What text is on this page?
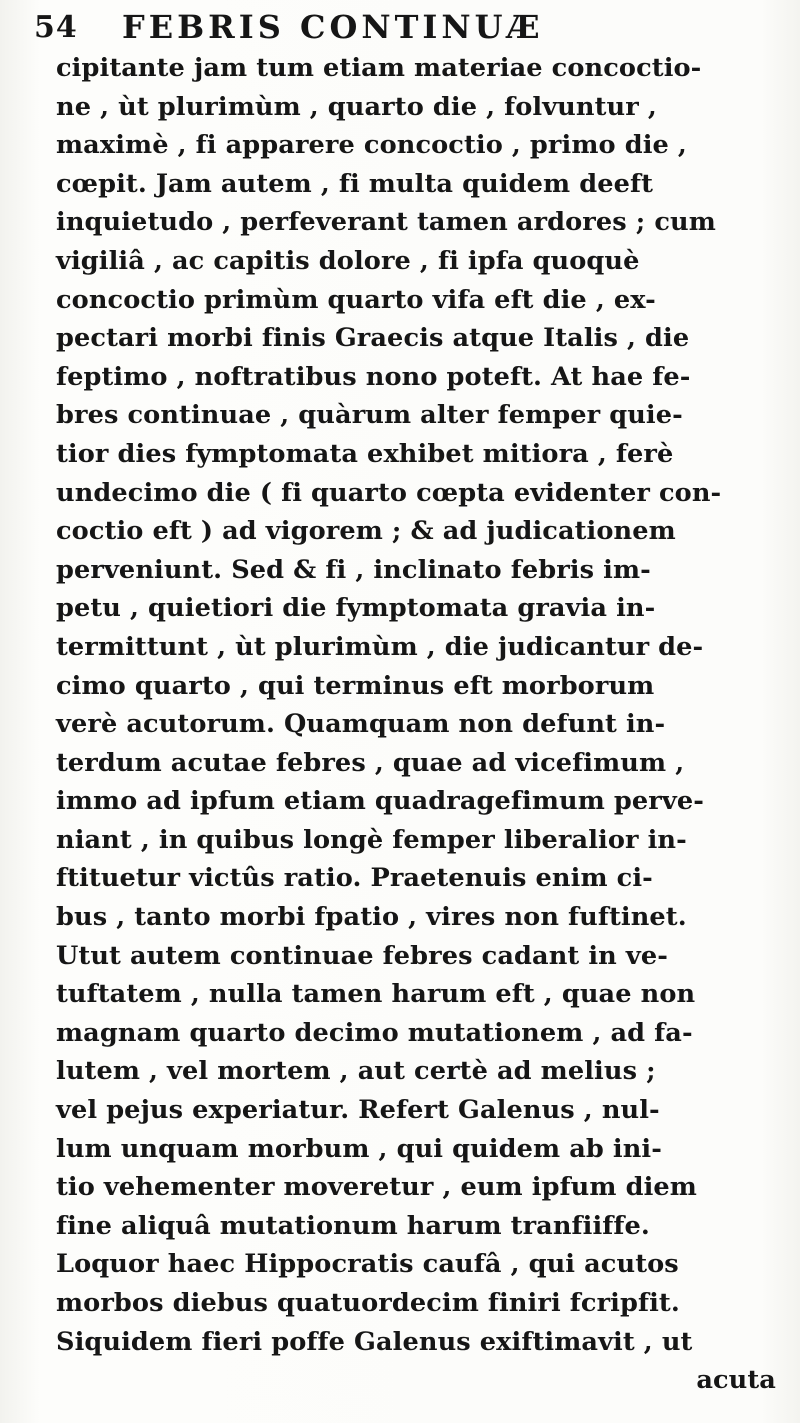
54 FEBRIS CONTINUÆ
cipitante jam tum etiam materiae concoctio-
ne , ùt plurimùm , quarto die , folvuntur ,
maximè , fi apparere concoctio , primo die ,
cœpit. Jam autem , fi multa quidem deeft
inquietudo , perfeverant tamen ardores ; cum
vigiliâ , ac capitis dolore , fi ipfa quoquè
concoctio primùm quarto vifa eft die , ex-
pectari morbi finis Graecis atque Italis , die
feptimo , noftratibus nono poteft. At hae fe-
bres continuae , quàrum alter femper quie-
tior dies fymptomata exhibet mitiora , ferè
undecimo die ( fi quarto cœpta evidenter con-
coctio eft ) ad vigorem ; & ad judicationem
perveniunt. Sed & fi , inclinato febris im-
petu , quietiori die fymptomata gravia in-
termittunt , ùt plurimùm , die judicantur de-
cimo quarto , qui terminus eft morborum
verè acutorum. Quamquam non defunt in-
terdum acutae febres , quae ad vicefimum ,
immo ad ipfum etiam quadragefimum perve-
niant , in quibus longè femper liberalior in-
ftituetur victûs ratio. Praetenuis enim ci-
bus , tanto morbi fpatio , vires non fuftinet.
Utut autem continuae febres cadant in ve-
tuftatem , nulla tamen harum eft , quae non
magnam quarto decimo mutationem , ad fa-
lutem , vel mortem , aut certè ad melius ;
vel pejus experiatur. Refert Galenus , nul-
lum unquam morbum , qui quidem ab ini-
tio vehementer moveretur , eum ipfum diem
fine aliquâ mutationum harum tranfiiffe.
Loquor haec Hippocratis caufâ , qui acutos
morbos diebus quatuordecim finiri fcripfit.
Siquidem fieri poffe Galenus exiftimavit , ut
acuta
